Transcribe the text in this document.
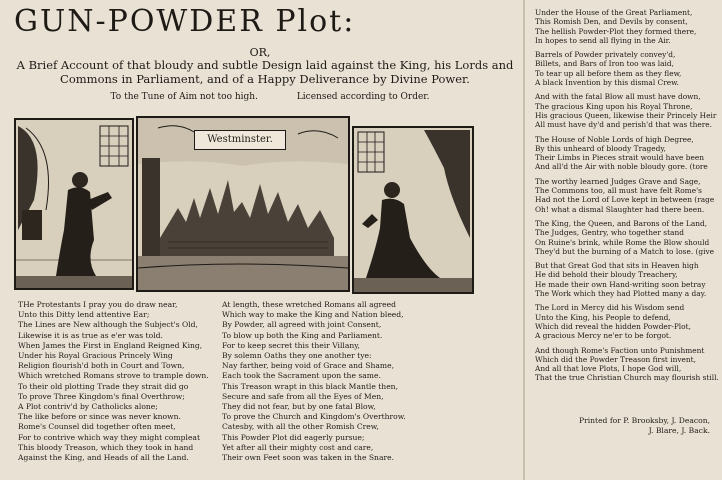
GUN-POWDER Plot:
OR,
A Brief Account of that bloudy and subtle Design laid against the King, his Lords and Commons in Parliament, and of a Happy Deliverance by Divine Power.
To the Tune of Aim not too high.	Licensed according to Order.
Westminster.
THe Protestants I pray you do draw near,
Unto this Ditty lend attentive Ear;
The Lines are New although the Subject's Old,
Likewise it is as true as e'er was told.
When James the First in England Reigned King,
Under his Royal Gracious Princely Wing
Religion flourish'd both in Court and Town,
Which wretched Romans strove to trample down.
To their old plotting Trade they strait did go
To prove Three Kingdom's final Overthrow;
A Plot contriv'd by Catholicks alone;
The like before or since was never known.
Rome's Counsel did together often meet,
For to contrive which way they might compleat
This bloody Treason, which they took in hand
Against the King, and Heads of all the Land.
At length, these wretched Romans all agreed
Which way to make the King and Nation bleed,
By Powder, all agreed with joint Consent,
To blow up both the King and Parliament.
For to keep secret this their Villany,
By solemn Oaths they one another tye:
Nay farther, being void of Grace and Shame,
Each took the Sacrament upon the same.
This Treason wrapt in this black Mantle then,
Secure and safe from all the Eyes of Men,
They did not fear, but by one fatal Blow,
To prove the Church and Kingdom's Overthrow.
Catesby, with all the other Romish Crew,
This Powder Plot did eagerly pursue;
Yet after all their mighty cost and care,
Their own Feet soon was taken in the Snare.
Under the House of the Great Parliament,
This Romish Den, and Devils by consent,
The hellish Powder-Plot they formed there,
In hopes to send all flying in the Air.
Barrels of Powder privately convey'd,
Billets, and Bars of Iron too was laid,
To tear up all before them as they flew,
A black Invention by this dismal Crew.
And with the fatal Blow all must have down,
The gracious King upon his Royal Throne,
His gracious Queen, likewise their Princely Heir
All must have dy'd and perish'd that was there.
The House of Noble Lords of high Degree,
By this unheard of bloody Tragedy,
Their Limbs in Pieces strait would have been
And all'd the Air with noble bloudy gore. (tore
The worthy learned Judges Grave and Sage,
The Commons too, all must have felt Rome's
Had not the Lord of Love kept in between (rage
Oh! what a dismal Slaughter had there been.
The King, the Queen, and Barons of the Land,
The Judges, Gentry, who together stand
On Ruine's brink, while Rome the Blow should
They'd but the burning of a Match to lose. (give
But that Great God that sits in Heaven high
He did behold their bloudy Treachery,
He made their own Hand-writing soon betray
The Work which they had Plotted many a day.
The Lord in Mercy did his Wisdom send
Unto the King, his People to defend,
Which did reveal the hidden Powder-Plot,
A gracious Mercy ne'er to be forgot.
And though Rome's Faction unto Punishment
Which did the Powder Treason first invent,
And all that love Plots, I hope God will,
That the true Christian Church may flourish still.
Printed for P. Brooksby, J. Deacon,
J. Blare, J. Back.
